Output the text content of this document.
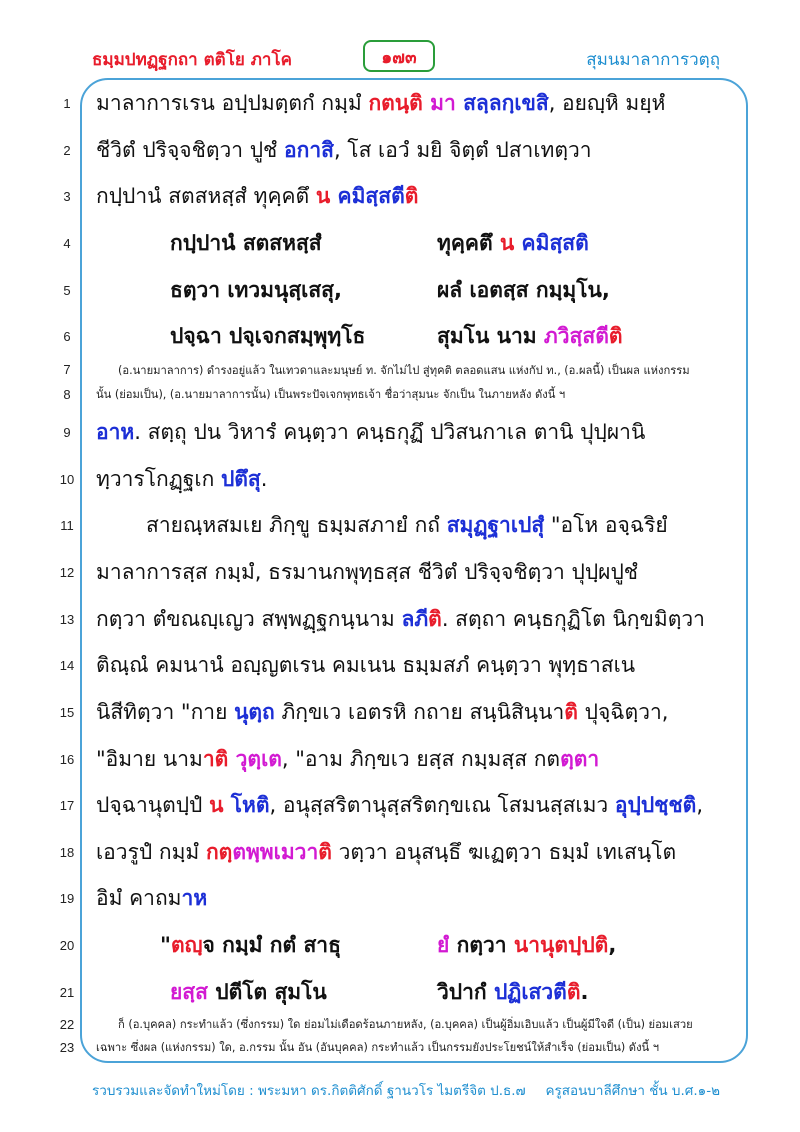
ธมฺมปทฏฺฐกถา ตติโย ภาโค	๑๗๓	สุมนมาลาการวตฺถุ
1
2
3
4
5
6
7
8
9
10
11
12
13
14
15
16
17
18
19
20
21
22
23
มาลาการเรน อปฺปมตฺตกํ กมฺมํ กตนฺติ มา สลฺลกฺเขสิ, อยญฺหิ มยฺหํ
ชีวิตํ ปริจฺจชิตฺวา ปูชํ อกาสิ, โส เอวํ มยิ จิตฺตํ ปสาเทตฺวา
กปฺปานํ สตสหสฺสํ ทุคฺคตึ น คมิสฺสตีติ
กปฺปานํ สตสหสฺสํ	ทุคฺคตึ น คมิสฺสติ
ธตฺวา เทวมนุสฺเสสุ,	ผลํ เอตสฺส กมฺมุโน,
ปจฺฉา ปจฺเจกสมฺพุทฺโธ	สุมโน นาม ภวิสฺสตีติ
(อ.นายมาลาการ) ดำรงอยู่แล้ว ในเทวดาและมนุษย์ ท. จักไม่ไป สู่ทุคติ ตลอดแสน แห่งกัป ท., (อ.ผลนี้) เป็นผล แห่งกรรม
นั้น (ย่อมเป็น), (อ.นายมาลาการนั้น) เป็นพระปัจเจกพุทธเจ้า ชื่อว่าสุมนะ จักเป็น ในภายหลัง ดังนี้ ฯ
อาห. สตฺถุ ปน วิหารํ คนฺตฺวา คนฺธกุฏึ ปวิสนกาเล ตานิ ปุปฺผานิ
ทฺวารโกฏฺฐเก ปตึสุ.
สายณฺหสมเย ภิกฺขู ธมฺมสภายํ กถํ สมุฏฺฐาเปสุํ "อโห อจฺฉริยํ
มาลาการสฺส กมฺมํ, ธรมานกพุทฺธสฺส ชีวิตํ ปริจฺจชิตฺวา ปุปฺผปูชํ
กตฺวา ตํขณญฺเญว สพฺพฏฺฐกนฺนาม ลภีติ. สตฺถา คนฺธกุฏิโต นิกฺขมิตฺวา
ติณฺณํ คมนานํ อญฺญตเรน คมเนน ธมฺมสภํ คนฺตฺวา พุทฺธาสเน
นิสีทิตฺวา "กาย นุตฺถ ภิกฺขเว เอตรหิ กถาย สนฺนิสินฺนาติ ปุจฺฉิตฺวา,
"อิมาย นามาติ วุตฺเต, "อาม ภิกฺขเว ยสฺส กมฺมสฺส กตตฺตา
ปจฺฉานุตปฺปํ น โหติ, อนุสฺสริตานุสฺสริตกฺขเณ โสมนสฺสเมว อุปฺปชฺชติ,
เอวรูปํ กมฺมํ กตฺตพฺพเมวาติ วตฺวา อนุสนฺธึ ฆเฏตฺวา ธมฺมํ เทเสนฺโต
อิมํ คาถมาห
"ตญฺจ กมฺมํ กตํ สาธุ	ยํ กตฺวา นานุตปฺปติ,
ยสฺส ปตีโต สุมโน	วิปากํ ปฏิเสวตีติ.
ก็ (อ.บุคคล) กระทำแล้ว (ซึ่งกรรม) ใด ย่อมไม่เดือดร้อนภายหลัง, (อ.บุคคล) เป็นผู้อิ่มเอิบแล้ว เป็นผู้มีใจดี (เป็น) ย่อมเสวย
เฉพาะ ซึ่งผล (แห่งกรรม) ใด, อ.กรรม นั้น อัน (อันบุคคล) กระทำแล้ว เป็นกรรมยังประโยชน์ให้สำเร็จ (ย่อมเป็น) ดังนี้ ฯ
รวบรวมและจัดทำใหม่โดย : พระมหา ดร.กิตติศักดิ์ ฐานวโร ไมตรีจิต ป.ธ.๗ ครูสอนบาลีศึกษา ชั้น บ.ศ.๑-๒
